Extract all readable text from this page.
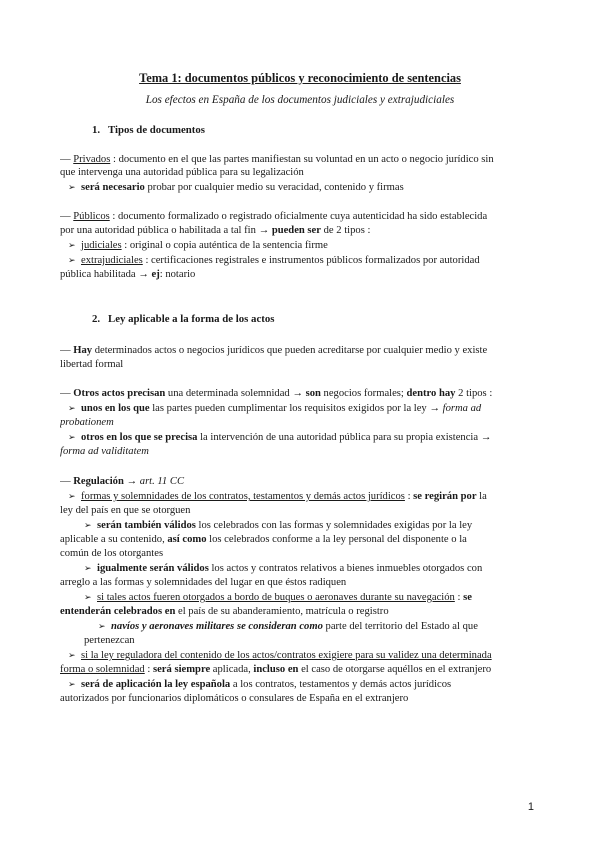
Tema 1: documentos públicos y reconocimiento de sentencias
Los efectos en España de los documentos judiciales y extrajudiciales
1. Tipos de documentos
— Privados : documento en el que las partes manifiestan su voluntad en un acto o negocio jurídico sin
que intervenga una autoridad pública para su legalización
➢ será necesario probar por cualquier medio su veracidad, contenido y firmas
— Públicos : documento formalizado o registrado oficialmente cuya autenticidad ha sido establecida
por una autoridad pública o habilitada a tal fin → pueden ser de 2 tipos :
➢ judiciales : original o copia auténtica de la sentencia firme
➢ extrajudiciales : certificaciones registrales e instrumentos públicos formalizados por autoridad
pública habilitada → ej: notario
2. Ley aplicable a la forma de los actos
— Hay determinados actos o negocios jurídicos que pueden acreditarse por cualquier medio y existe
libertad formal
— Otros actos precisan una determinada solemnidad → son negocios formales; dentro hay 2 tipos :
➢ unos en los que las partes pueden cumplimentar los requisitos exigidos por la ley → forma ad
probationem
➢ otros en los que se precisa la intervención de una autoridad pública para su propia existencia →
forma ad validitatem
— Regulación → art. 11 CC
➢ formas y solemnidades de los contratos, testamentos y demás actos jurídicos : se regirán por la
ley del país en que se otorguen
➢ serán también válidos los celebrados con las formas y solemnidades exigidas por la ley
aplicable a su contenido, así como los celebrados conforme a la ley personal del disponente o la
común de los otorgantes
➢ igualmente serán válidos los actos y contratos relativos a bienes inmuebles otorgados con
arreglo a las formas y solemnidades del lugar en que éstos radiquen
➢ si tales actos fueren otorgados a bordo de buques o aeronaves durante su navegación : se
entenderán celebrados en el país de su abanderamiento, matrícula o registro
➢ navíos y aeronaves militares se consideran como parte del territorio del Estado al que
pertenezcan
➢ si la ley reguladora del contenido de los actos/contratos exigiere para su validez una determinada
forma o solemnidad : será siempre aplicada, incluso en el caso de otorgarse aquéllos en el extranjero
➢ será de aplicación la ley española a los contratos, testamentos y demás actos jurídicos
autorizados por funcionarios diplomáticos o consulares de España en el extranjero
1
